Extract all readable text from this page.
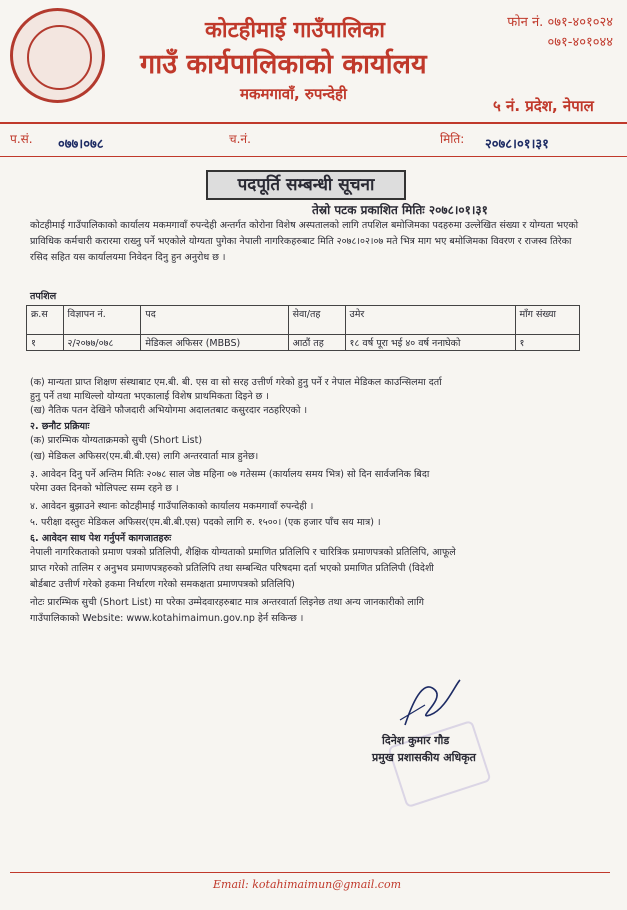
कोटहीमाई गाउँपालिका
गाउँ कार्यपालिकाको कार्यालय
मकमगावाँ, रुपन्देही
फोन नं. ०७१-४०१०२४
०७१-४०१०४४
५ नं. प्रदेश, नेपाल
प.सं. ०७७।०७८	च.नं.	मिति: २०७८।०१।३१
पदपूर्ति सम्बन्धी सूचना
तेस्रो पटक प्रकाशित मितिः २०७८।०१।३१
कोटहीमाई गाउँपालिकाको कार्यालय मकमगावाँ रुपन्देही अन्तर्गत कोरोना विशेष अस्पतालको लागि तपशिल बमोजिमका पदहरुमा उल्लेखित संख्या र योग्यता भएको प्राविधिक कर्मचारी करारमा राख्नु पर्ने भएकोले योग्यता पुगेका नेपाली नागरिकहरुबाट मिति २०७८।०२।०७ मते भित्र माग भए बमोजिमका विवरण र राजस्व तिरेका रसिद सहित यस कार्यालयमा निवेदन दिनु हुन अनुरोध छ ।
तपशिल
क्र.स	विज्ञापन नं.	पद	सेवा/तह	उमेर	माँग संख्या
१	२/२०७७/०७८	मेडिकल अफिसर (MBBS)	आठौं तह	१८ वर्ष पूरा भई ४० वर्ष ननाघेको	१
(क) मान्यता प्राप्त शिक्षण संस्थाबाट एम.बी. बी. एस वा सो सरह उत्तीर्ण गरेको हुनु पर्ने र नेपाल मेडिकल काउन्सिलमा दर्ता
हुनु पर्ने तथा माथिल्लो योग्यता भएकालाई विशेष प्राथमिकता दिइने छ ।
(ख) नैतिक पतन देखिने फौजदारी अभियोगमा अदालतबाट कसुरदार नठहरिएको ।
२. छनौट प्रक्रियाः
(क) प्रारम्भिक योग्यताक्रमको सुची (Short List)
(ख) मेडिकल अफिसर(एम.बी.बी.एस) लागि अन्तरवार्ता मात्र हुनेछ।
३. आवेदन दिनु पर्ने अन्तिम मितिः २०७८ साल जेष्ठ महिना ०७ गतेसम्म (कार्यालय समय भित्र) सो दिन सार्वजनिक बिदा
परेमा उक्त दिनको भोलिपल्ट सम्म रहने छ ।
४. आवेदन बुझाउने स्थानः कोटहीमाई गाउँपालिकाको कार्यालय मकमगावाँ रुपन्देही ।
५. परीक्षा दस्तुरः मेडिकल अफिसर(एम.बी.बी.एस) पदको लागि रु. १५००। (एक हजार पाँच सय मात्र) ।
६. आवेदन साथ पेश गर्नुपर्ने कागजातहरुः
नेपाली नागरिकताको प्रमाण पत्रको प्रतिलिपी, शैक्षिक योग्यताको प्रमाणित प्रतिलिपि र चारित्रिक प्रमाणपत्रको प्रतिलिपि, आफूले
प्राप्त गरेको तालिम र अनुभव प्रमाणपत्रहरुको प्रतिलिपि तथा सम्बन्धित परिषदमा दर्ता भएको प्रमाणित प्रतिलिपी (विदेशी
बोर्डबाट उत्तीर्ण गरेको हकमा निर्धारण गरेको समकक्षता प्रमाणपत्रको प्रतिलिपि)
नोटः प्रारम्भिक सुची (Short List) मा परेका उम्मेदवारहरुबाट मात्र अन्तरवार्ता लिइनेछ तथा अन्य जानकारीको लागि
गाउँपालिकाको Website: www.kotahimaimun.gov.np हेर्न सकिन्छ ।
दिनेश कुमार गौड
प्रमुख प्रशासकीय अधिकृत
Email: kotahimaimun@gmail.com
